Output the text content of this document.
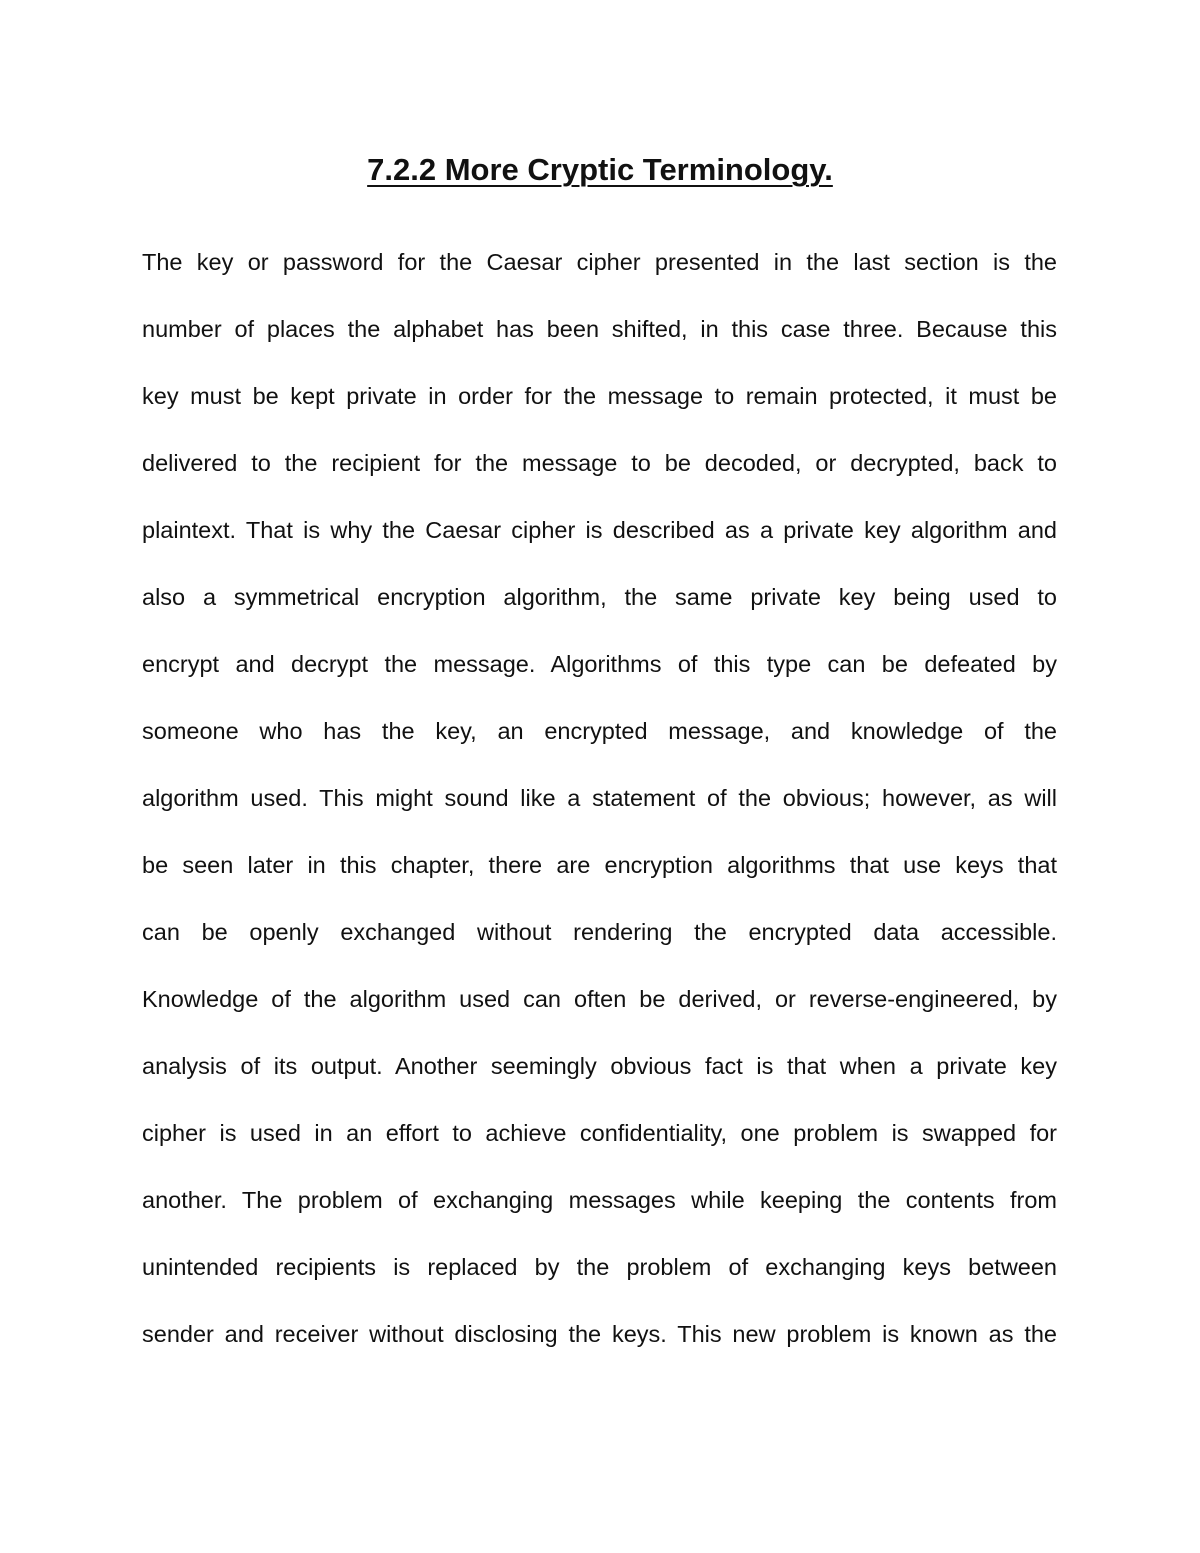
7.2.2 More Cryptic Terminology.
The key or password for the Caesar cipher presented in the last section is the
number of places the alphabet has been shifted, in this case three. Because this
key must be kept private in order for the message to remain protected, it must be
delivered to the recipient for the message to be decoded, or decrypted, back to
plaintext. That is why the Caesar cipher is described as a private key algorithm and
also a symmetrical encryption algorithm, the same private key being used to
encrypt and decrypt the message. Algorithms of this type can be defeated by
someone who has the key, an encrypted message, and knowledge of the
algorithm used. This might sound like a statement of the obvious; however, as will
be seen later in this chapter, there are encryption algorithms that use keys that
can be openly exchanged without rendering the encrypted data accessible.
Knowledge of the algorithm used can often be derived, or reverse-engineered, by
analysis of its output. Another seemingly obvious fact is that when a private key
cipher is used in an effort to achieve confidentiality, one problem is swapped for
another. The problem of exchanging messages while keeping the contents from
unintended recipients is replaced by the problem of exchanging keys between
sender and receiver without disclosing the keys. This new problem is known as the
